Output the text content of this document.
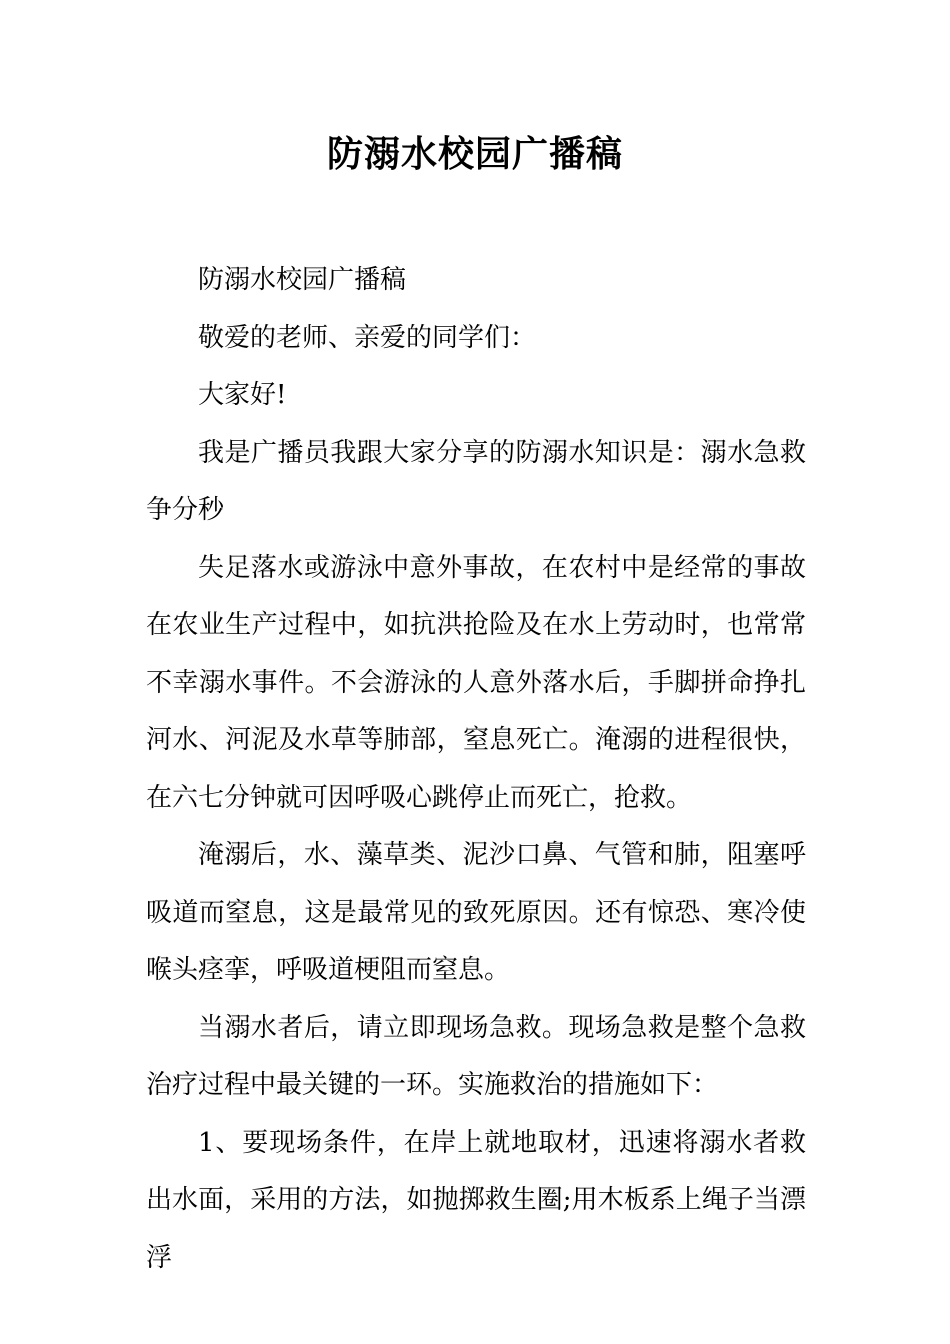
防溺水校园广播稿

防溺水校园广播稿

敬爱的老师、亲爱的同学们：

大家好!

我是广播员我跟大家分享的防溺水知识是：溺水急救争分秒

失足落水或游泳中意外事故，在农村中是经常的事故在农业生产过程中，如抗洪抢险及在水上劳动时，也常常不幸溺水事件。不会游泳的人意外落水后，手脚拼命挣扎河水、河泥及水草等肺部，窒息死亡。淹溺的进程很快，在六七分钟就可因呼吸心跳停止而死亡，抢救。

淹溺后，水、藻草类、泥沙口鼻、气管和肺，阻塞呼吸道而窒息，这是最常见的致死原因。还有惊恐、寒冷使喉头痉挛，呼吸道梗阻而窒息。

当溺水者后，请立即现场急救。现场急救是整个急救治疗过程中最关键的一环。实施救治的措施如下：

1、要现场条件，在岸上就地取材，迅速将溺水者救出水面，采用的方法，如抛掷救生圈;用木板系上绳子当漂浮
